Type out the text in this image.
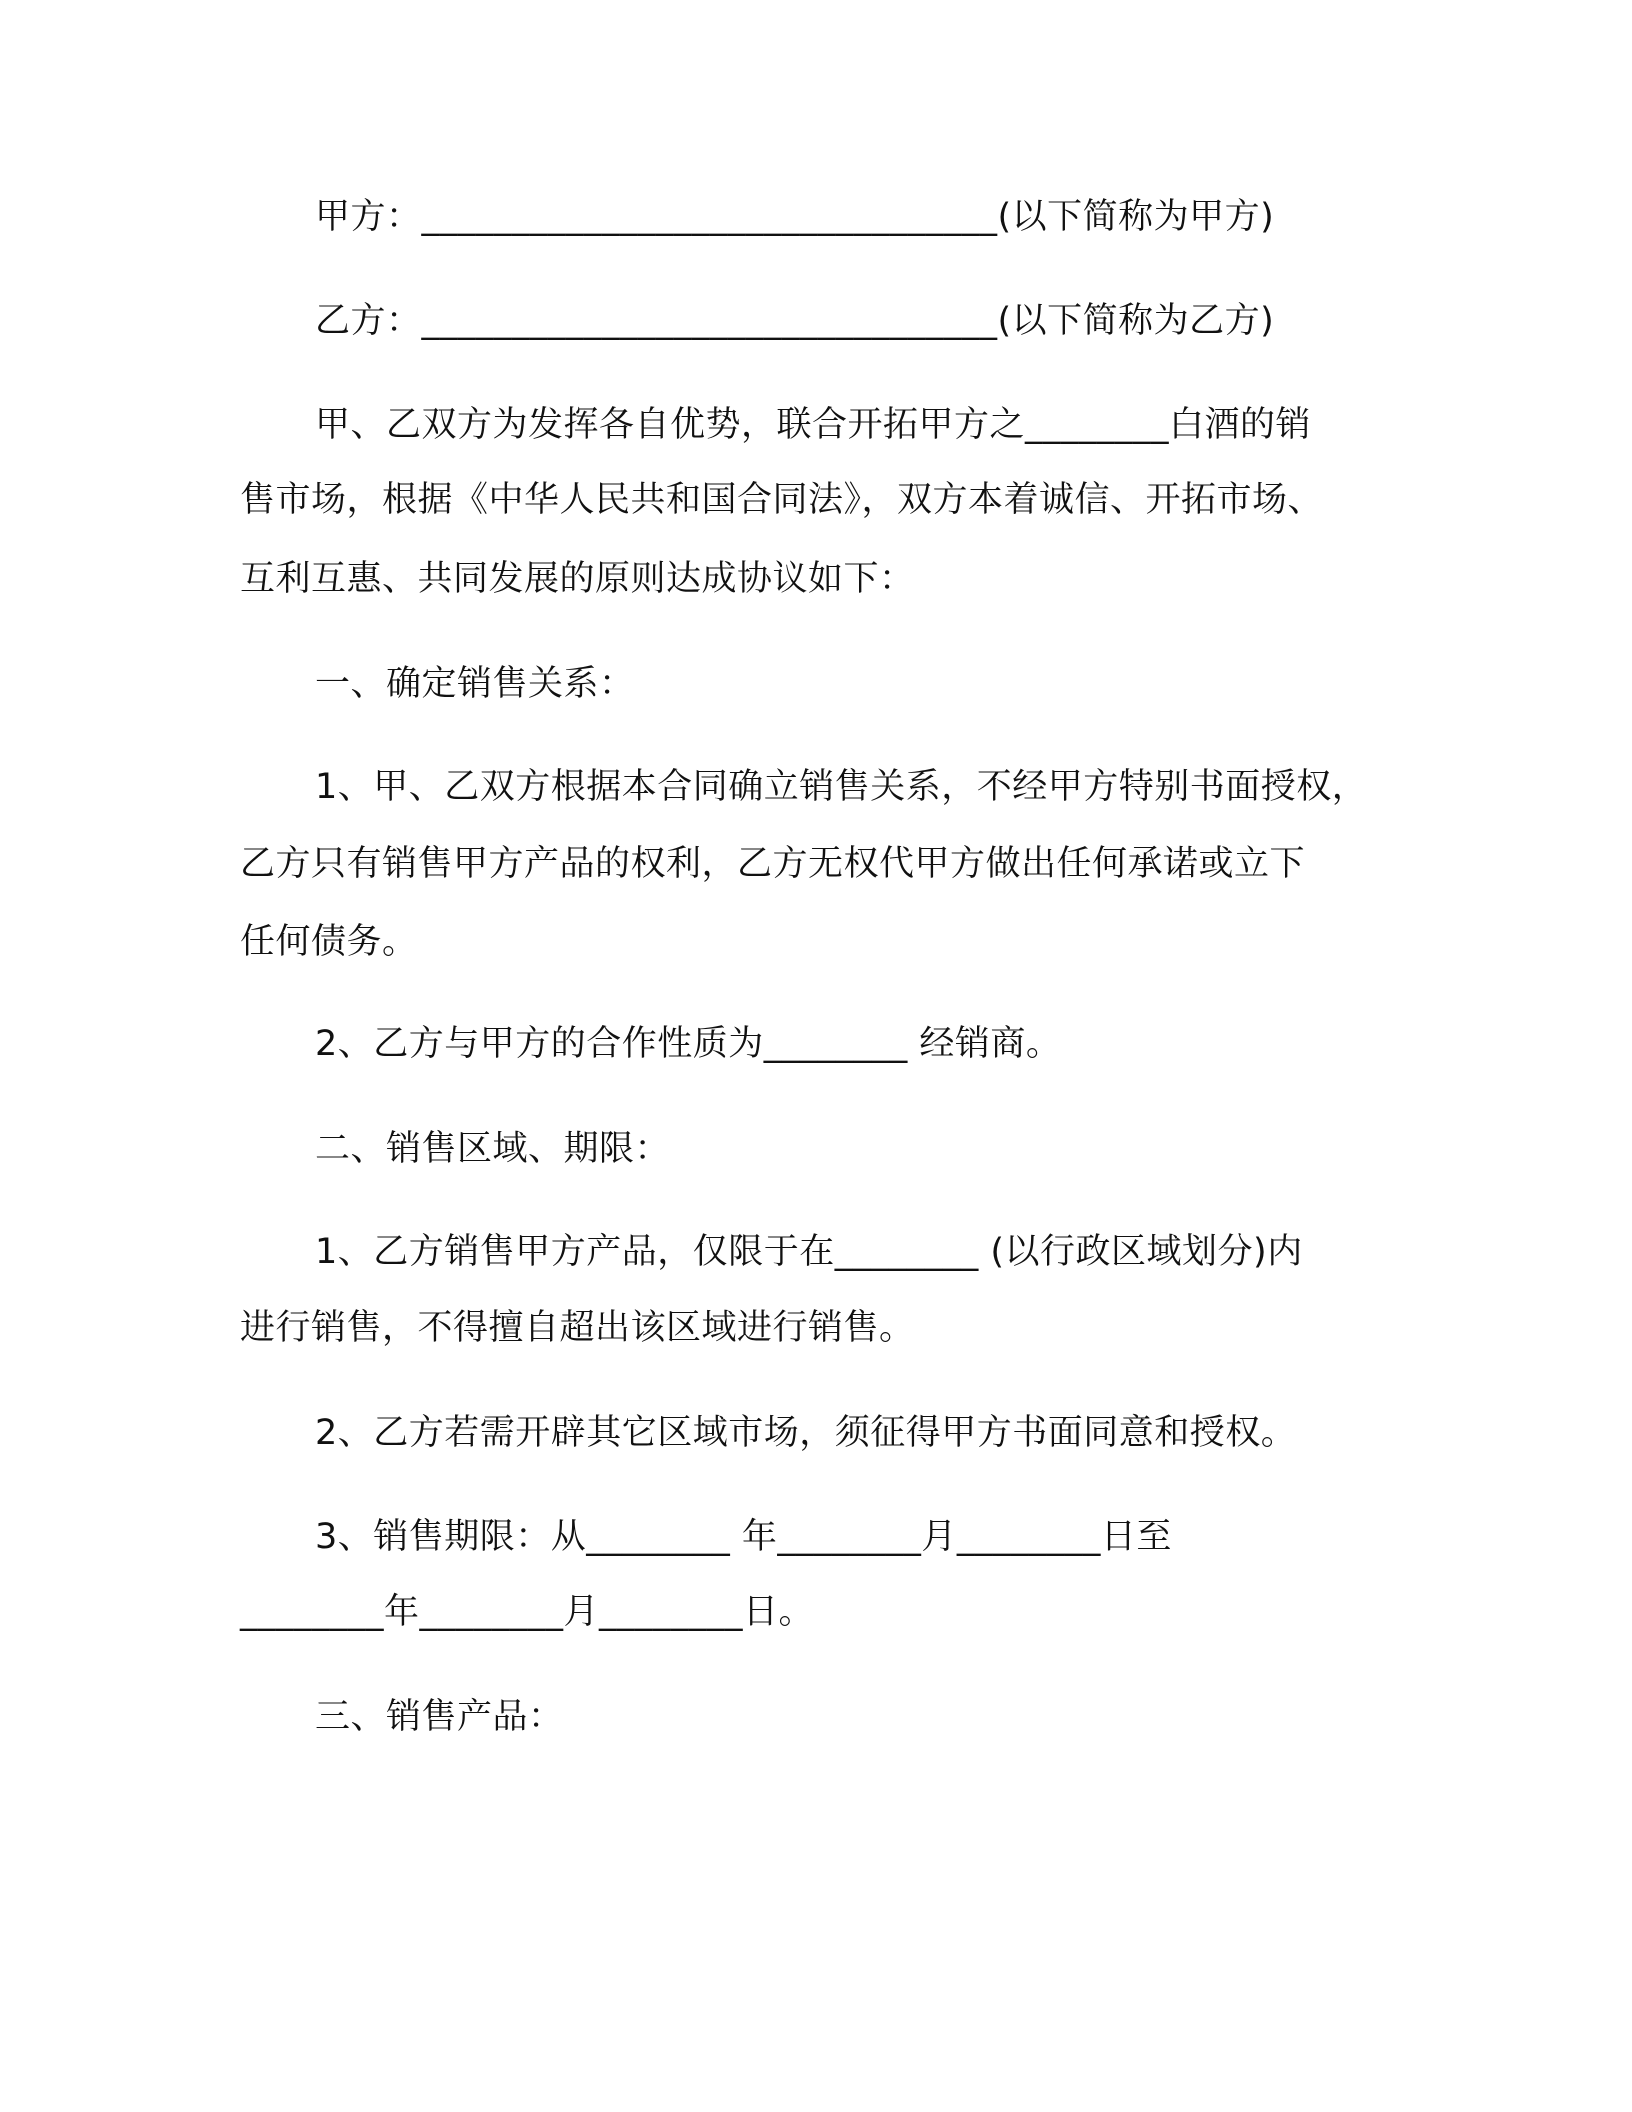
甲方：________________________________(以下简称为甲方)
乙方：________________________________(以下简称为乙方)
甲、乙双方为发挥各自优势，联合开拓甲方之________白酒的销
售市场，根据《中华人民共和国合同法》，双方本着诚信、开拓市场、
互利互惠、共同发展的原则达成协议如下：
一、确定销售关系：
1、甲、乙双方根据本合同确立销售关系，不经甲方特别书面授权，
乙方只有销售甲方产品的权利，乙方无权代甲方做出任何承诺或立下
任何债务。
2、乙方与甲方的合作性质为________ 经销商。
二、销售区域、期限：
1、乙方销售甲方产品，仅限于在________ (以行政区域划分)内
进行销售，不得擅自超出该区域进行销售。
2、乙方若需开辟其它区域市场，须征得甲方书面同意和授权。
3、销售期限：从________ 年________月________日至
________年________月________日。
三、销售产品：
